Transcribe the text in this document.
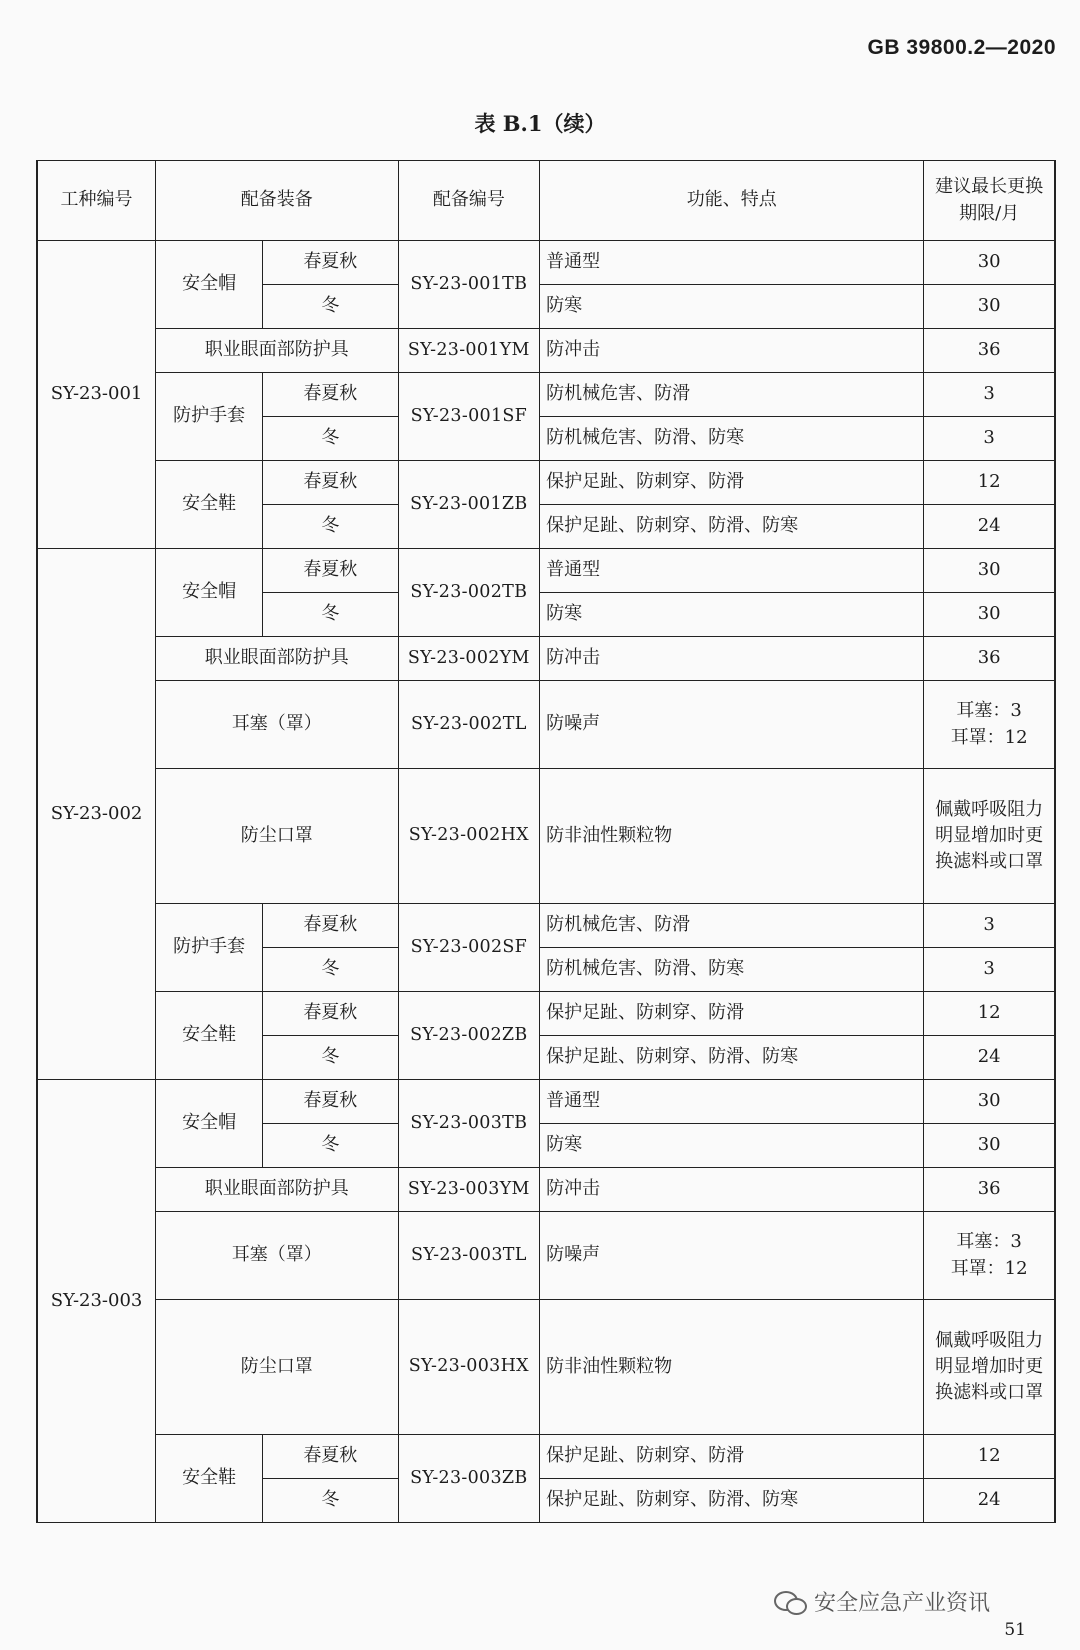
GB 39800.2—2020
表 B.1（续）
工种编号	配备装备		配备编号	功能、特点	建议最长更换期限/月
SY-23-001	安全帽	春夏秋	SY-23-001TB	普通型	30
		冬		防寒	30
	职业眼面部防护具		SY-23-001YM	防冲击	36
	防护手套	春夏秋	SY-23-001SF	防机械危害、防滑	3
		冬		防机械危害、防滑、防寒	3
	安全鞋	春夏秋	SY-23-001ZB	保护足趾、防刺穿、防滑	12
		冬		保护足趾、防刺穿、防滑、防寒	24
SY-23-002	安全帽	春夏秋	SY-23-002TB	普通型	30
		冬		防寒	30
	职业眼面部防护具		SY-23-002YM	防冲击	36
	耳塞（罩）		SY-23-002TL	防噪声	耳塞：3
耳罩：12

	防尘口罩		SY-23-002HX	防非油性颗粒物	佩戴呼吸阻力
明显增加时更
换滤料或口罩

	防护手套	春夏秋	SY-23-002SF	防机械危害、防滑	3
		冬		防机械危害、防滑、防寒	3
	安全鞋	春夏秋	SY-23-002ZB	保护足趾、防刺穿、防滑	12
		冬		保护足趾、防刺穿、防滑、防寒	24
SY-23-003	安全帽	春夏秋	SY-23-003TB	普通型	30
		冬		防寒	30
	职业眼面部防护具		SY-23-003YM	防冲击	36
	耳塞（罩）		SY-23-003TL	防噪声	耳塞：3
耳罩：12

	防尘口罩		SY-23-003HX	防非油性颗粒物	佩戴呼吸阻力
明显增加时更
换滤料或口罩

	安全鞋	春夏秋	SY-23-003ZB	保护足趾、防刺穿、防滑	12
		冬		保护足趾、防刺穿、防滑、防寒	24
安全应急产业资讯
51
